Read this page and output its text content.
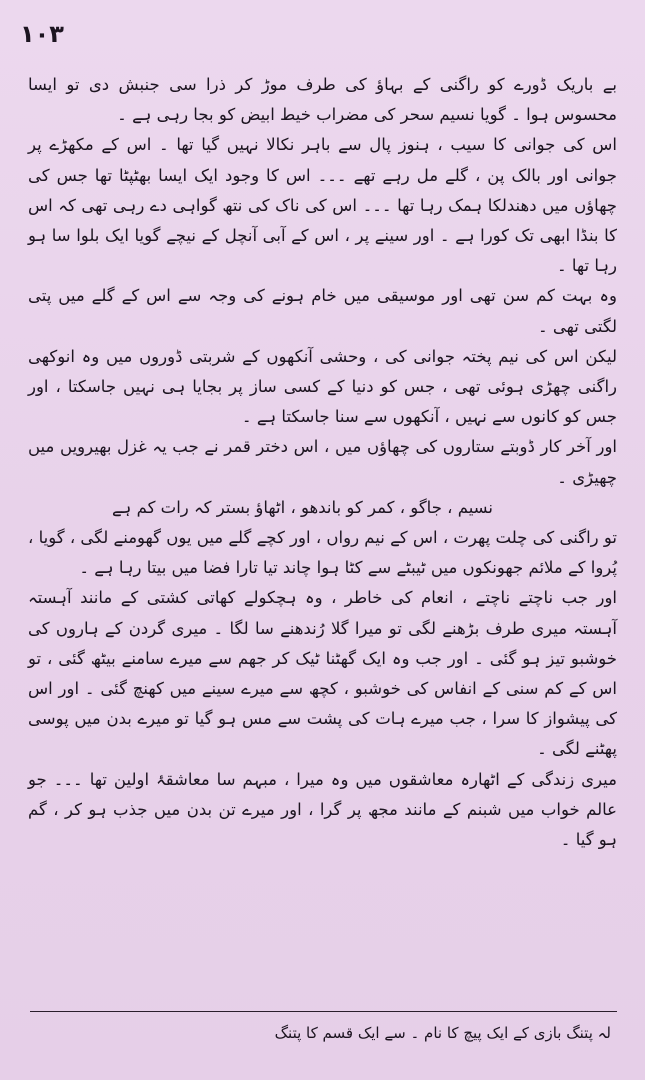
۱۰۳

بے باریک ڈورے کو راگنی کے بہاؤ کی طرف موڑ کر ذرا سی جنبش دی تو ایسا محسوس ہوا ۔ گویا نسیم سحر کی مضراب خیط ابیض کو بجا رہی ہے ۔

اس کی جوانی کا سیب ، ہنوز پال سے باہر نکالا نہیں گیا تھا ۔ اس کے مکھڑے پر جوانی اور بالک پن ، گلے مل رہے تھے ۔۔۔ اس کا وجود ایک ایسا بھٹپٹا تھا جس کی چھاؤں میں دھندلکا ہمک رہا تھا ۔۔۔ اس کی ناک کی نتھ گواہی دے رہی تھی کہ اس کا بنڈا ابھی تک کورا ہے ۔ اور سینے پر ، اس کے آبی آنچل کے نیچے گویا ایک بلوا سا ہو رہا تھا ۔

وہ بہت کم سن تھی اور موسیقی میں خام ہونے کی وجہ سے اس کے گلے میں پتی لگتی تھی ۔

لیکن اس کی نیم پختہ جوانی کی ، وحشی آنکھوں کے شربتی ڈوروں میں وہ انوکھی راگنی چھڑی ہوئی تھی ، جس کو دنیا کے کسی ساز پر بجایا ہی نہیں جاسکتا ، اور جس کو کانوں سے نہیں ، آنکھوں سے سنا جاسکتا ہے ۔

اور آخر کار ڈوبتے ستاروں کی چھاؤں میں ، اس دختر قمر نے جب یہ غزل بھیرویں میں چھیڑی ۔

نسیم ، جاگو ، کمر کو باندھو ، اٹھاؤ بستر کہ رات کم ہے

تو راگنی کی چلت پھرت ، اس کے نیم رواں ، اور کچے گلے میں یوں گھومنے لگی ، گویا ، پُروا کے ملائم جھونکوں میں ٹیبٹے سے کٹا ہوا چاند تیا تارا فضا میں بیتا رہا ہے ۔

اور جب ناچتے ناچتے ، انعام کی خاطر ، وہ ہچکولے کھاتی کشتی کے مانند آہستہ آہستہ میری طرف بڑھنے لگی تو میرا گلا رُندھنے سا لگا ۔ میری گردن کے ہاروں کی خوشبو تیز ہو گئی ۔ اور جب وہ ایک گھٹنا ٹیک کر جھم سے میرے سامنے بیٹھ گئی ، تو اس کے کم سنی کے انفاس کی خوشبو ، کچھ سے میرے سینے میں کھنچ گئی ۔ اور اس کی پیشواز کا سرا ، جب میرے ہات کی پشت سے مس ہو گیا تو میرے بدن میں پوسی پھٹنے لگی ۔

میری زندگی کے اٹھارہ معاشقوں میں وہ میرا ، مبہم سا معاشقۂ اولین تھا ۔۔۔ جو عالم خواب میں شبنم کے مانند مجھ پر گرا ، اور میرے تن بدن میں جذب ہو کر ، گم ہو گیا ۔

لہ پتنگ بازی کے ایک پیچ کا نام ۔ سے ایک قسم کا پتنگ
